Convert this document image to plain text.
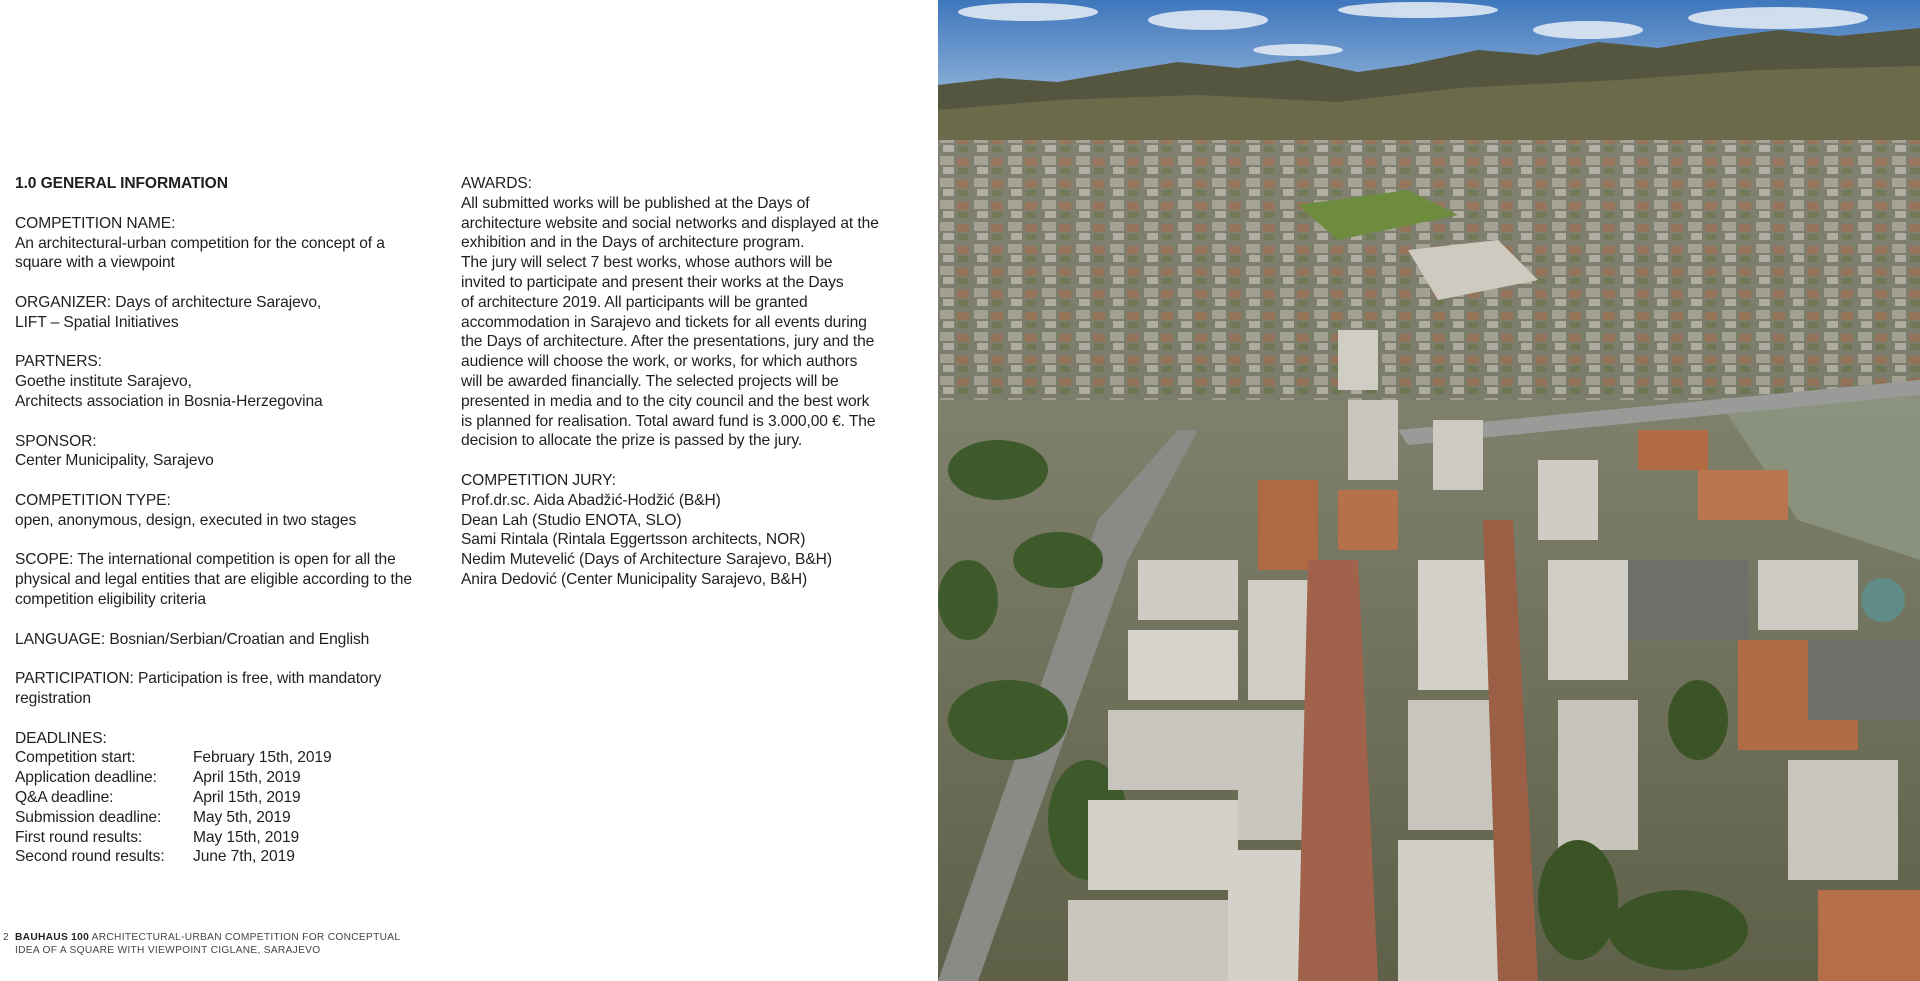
1.0 GENERAL INFORMATION

COMPETITION NAME:

An architectural-urban competition for the concept of a

square with a viewpoint

ORGANIZER: Days of architecture Sarajevo,

LIFT – Spatial Initiatives

PARTNERS:

Goethe institute Sarajevo,

Architects association in Bosnia-Herzegovina

SPONSOR:

Center Municipality, Sarajevo

COMPETITION TYPE:

open, anonymous, design, executed in two stages

SCOPE: The international competition is open for all the

physical and legal entities that are eligible according to the

competition eligibility criteria

LANGUAGE: Bosnian/Serbian/Croatian and English

PARTICIPATION: Participation is free, with mandatory

registration

DEADLINES:

Competition start:	February 15th, 2019
Application deadline:	April 15th, 2019
Q&A deadline:	April 15th, 2019
Submission deadline:	May 5th, 2019
First round results:	May 15th, 2019
Second round results:	June 7th, 2019

AWARDS:

All submitted works will be published at the Days of

architecture website and social networks and displayed at the

exhibition and in the Days of architecture program.

The jury will select 7 best works, whose authors will be

invited to participate and present their works at the Days

of architecture 2019. All participants will be granted

accommodation in Sarajevo and tickets for all events during

the Days of architecture. After the presentations, jury and the

audience will choose the work, or works, for which authors

will be awarded financially. The selected projects will be

presented in media and to the city council and the best work

is planned for realisation. Total award fund is 3.000,00 €. The

decision to allocate the prize is passed by the jury.

COMPETITION JURY:

Prof.dr.sc. Aida Abadžić-Hodžić (B&H)

Dean Lah (Studio ENOTA, SLO)

Sami Rintala (Rintala Eggertsson architects, NOR)

Nedim Mutevelić (Days of Architecture Sarajevo, B&H)

Anira Dedović (Center Municipality Sarajevo, B&H)

2 BAUHAUS 100 ARCHITECTURAL-URBAN COMPETITION FOR CONCEPTUAL
IDEA OF A SQUARE WITH VIEWPOINT CIGLANE, SARAJEVO
